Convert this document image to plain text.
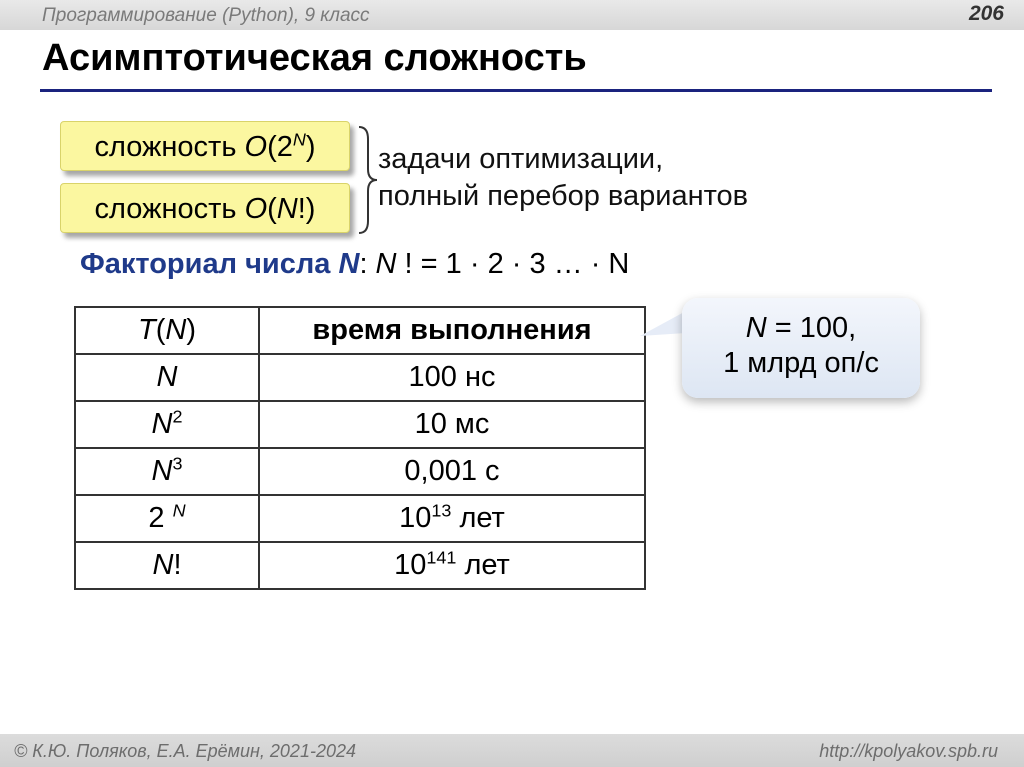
Программирование (Python), 9 класс	206
Асимптотическая сложность
сложность $O(2^N)$
сложность O(N!)
задачи оптимизации,
полный перебор вариантов
Факториал числа N: N ! = 1 · 2 · 3 … · N
T(N)	время выполнения
N	100 нс
$N^2$	10 мс
$N^3$	0,001 с
2 $^N$	$10^{13}$ лет
N!	$10^{141}$ лет
N = 100,
1 млрд оп/с
© К.Ю. Поляков, Е.А. Ерёмин, 2021-2024	http://kpolyakov.spb.ru
